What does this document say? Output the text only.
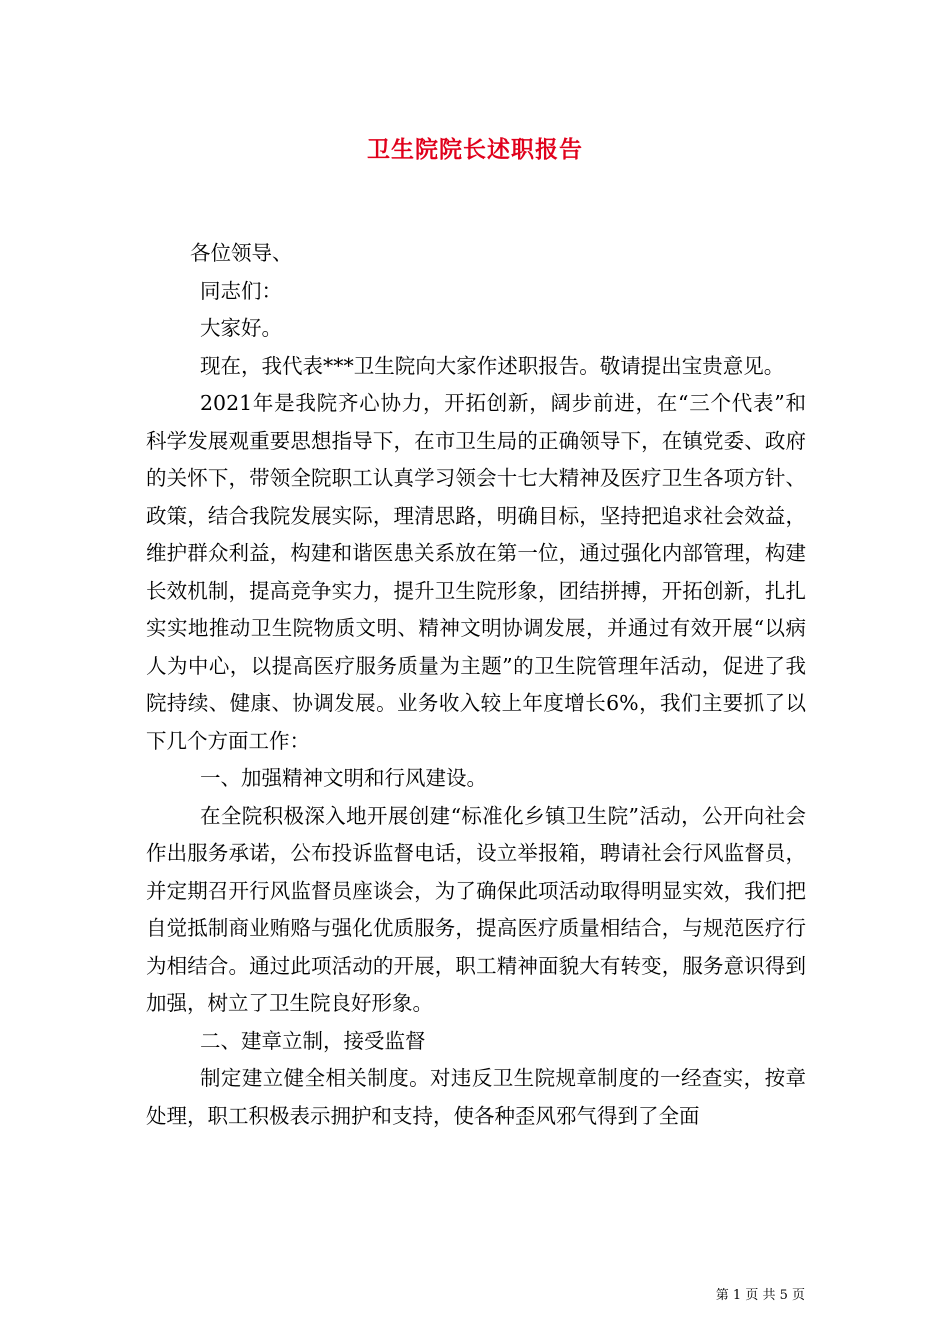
卫生院院长述职报告

各位领导、

同志们：

大家好。

现在，我代表***卫生院向大家作述职报告。敬请提出宝贵意见。

2021年是我院齐心协力，开拓创新，阔步前进，在“三个代表”和科学发展观重要思想指导下，在市卫生局的正确领导下，在镇党委、政府的关怀下，带领全院职工认真学习领会十七大精神及医疗卫生各项方针、政策，结合我院发展实际，理清思路，明确目标，坚持把追求社会效益，维护群众利益，构建和谐医患关系放在第一位，通过强化内部管理，构建长效机制，提高竞争实力，提升卫生院形象，团结拼搏，开拓创新，扎扎实实地推动卫生院物质文明、精神文明协调发展，并通过有效开展“以病人为中心，以提高医疗服务质量为主题”的卫生院管理年活动，促进了我院持续、健康、协调发展。业务收入较上年度增长6%，我们主要抓了以下几个方面工作：

一、加强精神文明和行风建设。

在全院积极深入地开展创建“标准化乡镇卫生院”活动，公开向社会作出服务承诺，公布投诉监督电话，设立举报箱，聘请社会行风监督员，并定期召开行风监督员座谈会，为了确保此项活动取得明显实效，我们把自觉抵制商业贿赂与强化优质服务，提高医疗质量相结合，与规范医疗行为相结合。通过此项活动的开展，职工精神面貌大有转变，服务意识得到加强，树立了卫生院良好形象。

二、建章立制，接受监督

制定建立健全相关制度。对违反卫生院规章制度的一经查实，按章处理，职工积极表示拥护和支持，使各种歪风邪气得到了全面

第 1 页 共 5 页
